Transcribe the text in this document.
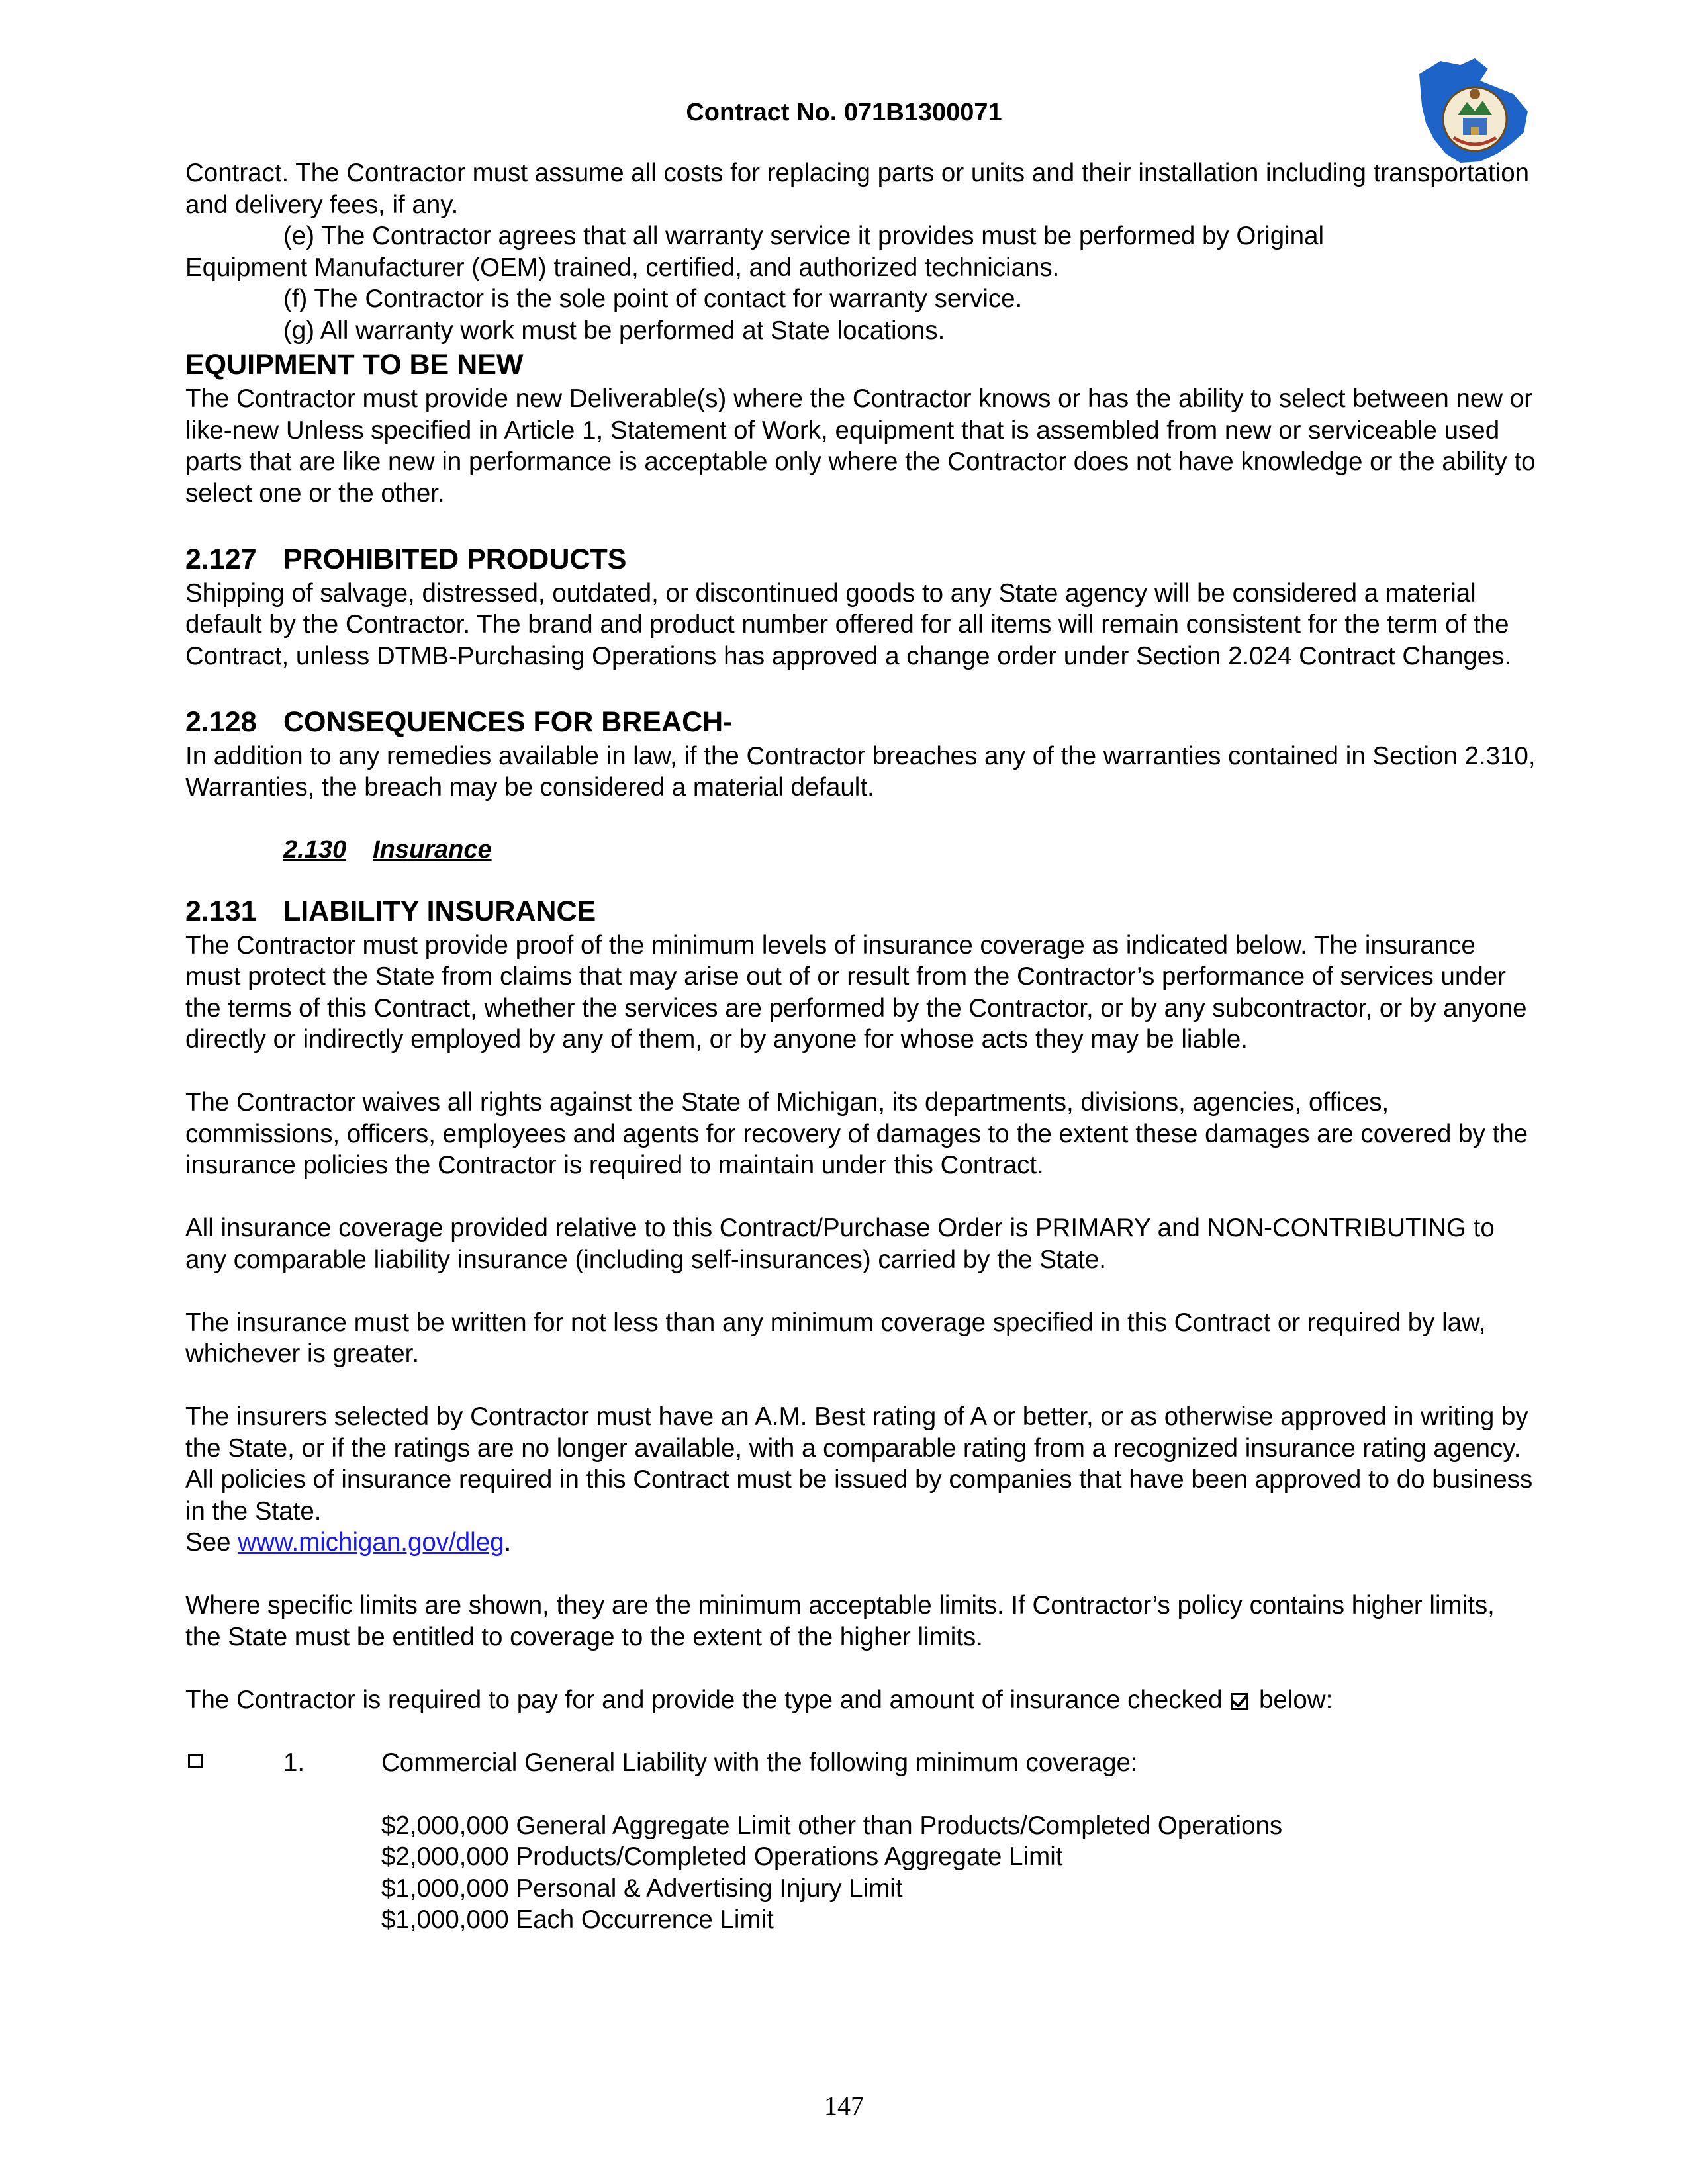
Contract No. 071B1300071

Contract. The Contractor must assume all costs for replacing parts or units and their installation including transportation and delivery fees, if any.

(e) The Contractor agrees that all warranty service it provides must be performed by Original

Equipment Manufacturer (OEM) trained, certified, and authorized technicians.

(f) The Contractor is the sole point of contact for warranty service.

(g) All warranty work must be performed at State locations.

EQUIPMENT TO BE NEW

The Contractor must provide new Deliverable(s) where the Contractor knows or has the ability to select between new or like-new Unless specified in Article 1, Statement of Work, equipment that is assembled from new or serviceable used parts that are like new in performance is acceptable only where the Contractor does not have knowledge or the ability to select one or the other.

2.127 PROHIBITED PRODUCTS

Shipping of salvage, distressed, outdated, or discontinued goods to any State agency will be considered a material default by the Contractor. The brand and product number offered for all items will remain consistent for the term of the Contract, unless DTMB-Purchasing Operations has approved a change order under Section 2.024 Contract Changes.

2.128 CONSEQUENCES FOR BREACH-

In addition to any remedies available in law, if the Contractor breaches any of the warranties contained in Section 2.310, Warranties, the breach may be considered a material default.

2.130 Insurance
2.131 LIABILITY INSURANCE

The Contractor must provide proof of the minimum levels of insurance coverage as indicated below. The insurance must protect the State from claims that may arise out of or result from the Contractor’s performance of services under the terms of this Contract, whether the services are performed by the Contractor, or by any subcontractor, or by anyone directly or indirectly employed by any of them, or by anyone for whose acts they may be liable.

The Contractor waives all rights against the State of Michigan, its departments, divisions, agencies, offices, commissions, officers, employees and agents for recovery of damages to the extent these damages are covered by the insurance policies the Contractor is required to maintain under this Contract.

All insurance coverage provided relative to this Contract/Purchase Order is PRIMARY and NON-CONTRIBUTING to any comparable liability insurance (including self-insurances) carried by the State.

The insurance must be written for not less than any minimum coverage specified in this Contract or required by law, whichever is greater.

The insurers selected by Contractor must have an A.M. Best rating of A or better, or as otherwise approved in writing by the State, or if the ratings are no longer available, with a comparable rating from a recognized insurance rating agency. All policies of insurance required in this Contract must be issued by companies that have been approved to do business in the State.

See www.michigan.gov/dleg.

Where specific limits are shown, they are the minimum acceptable limits. If Contractor’s policy contains higher limits, the State must be entitled to coverage to the extent of the higher limits.

The Contractor is required to pay for and provide the type and amount of insurance checked below:

1.	Commercial General Liability with the following minimum coverage:

$2,000,000 General Aggregate Limit other than Products/Completed Operations

$2,000,000 Products/Completed Operations Aggregate Limit

$1,000,000 Personal & Advertising Injury Limit

$1,000,000 Each Occurrence Limit

147
